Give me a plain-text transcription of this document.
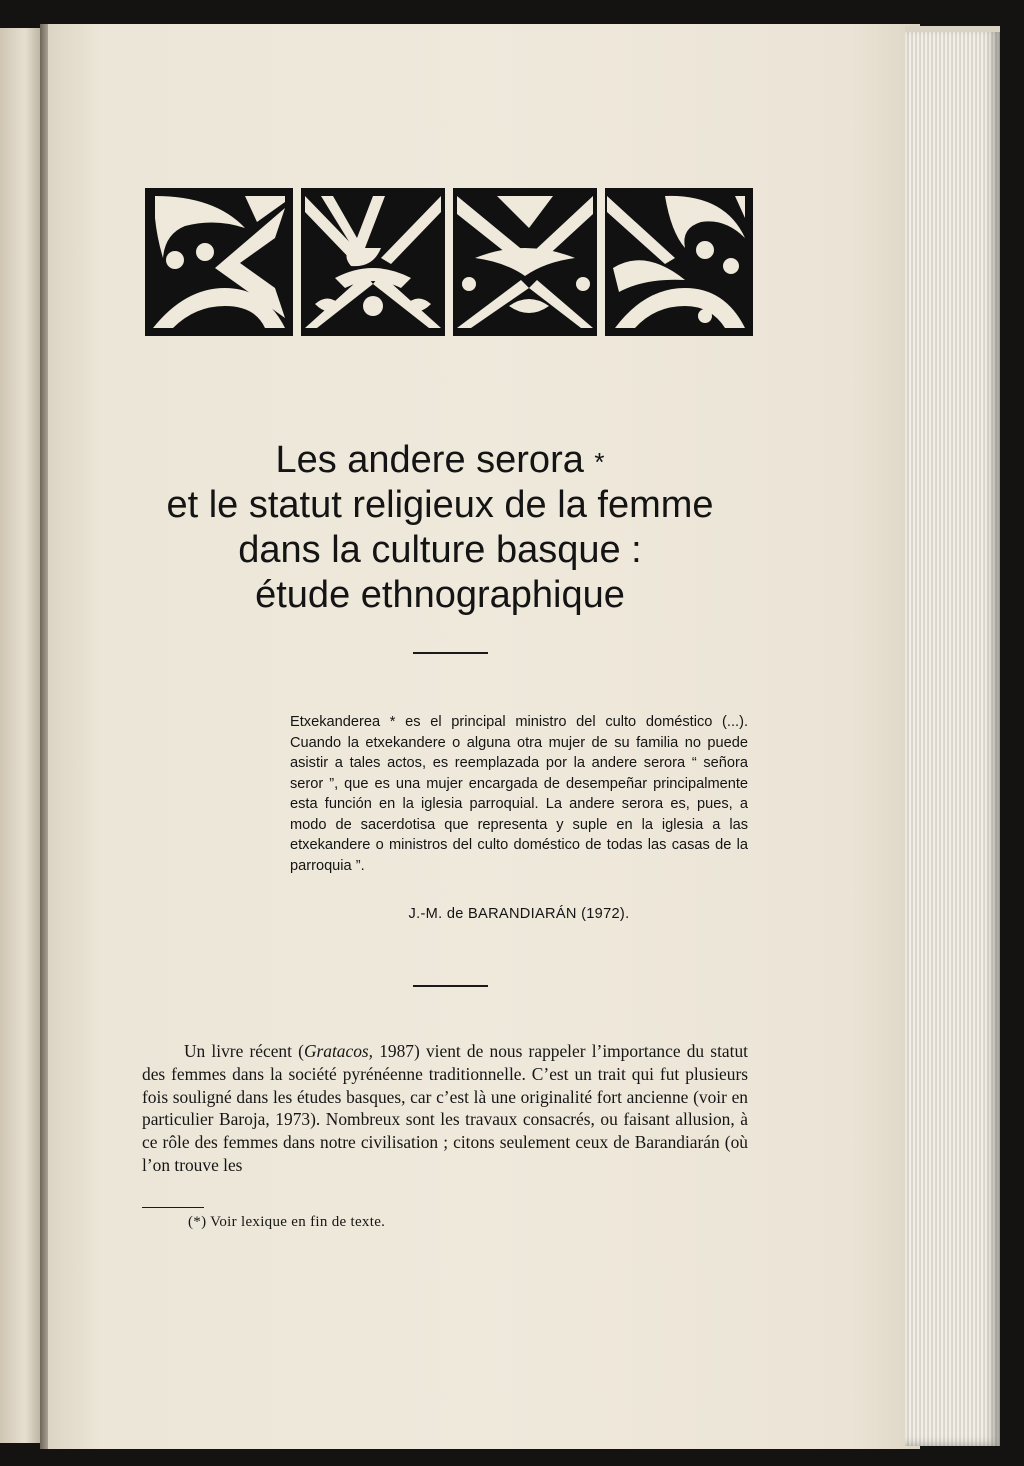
Les andere serora *
et le statut religieux de la femme
dans la culture basque :
étude ethnographique
Etxekanderea * es el principal ministro del culto doméstico (...). Cuando la etxekandere o alguna otra mujer de su familia no puede asistir a tales actos, es reemplazada por la andere serora “ señora seror ”, que es una mujer encargada de desempeñar principalmente esta función en la iglesia parroquial. La andere serora es, pues, a modo de sacerdotisa que representa y suple en la iglesia a las etxekandere o ministros del culto doméstico de todas las casas de la parroquia ”.
J.-M. de BARANDIARÁN (1972).

Un livre récent (Gratacos, 1987) vient de nous rappeler l’importance du statut des femmes dans la société pyrénéenne traditionnelle. C’est un trait qui fut plusieurs fois souligné dans les études basques, car c’est là une originalité fort ancienne (voir en particulier Baroja, 1973). Nombreux sont les travaux consacrés, ou faisant allusion, à ce rôle des femmes dans notre civilisation ; citons seulement ceux de Barandiarán (où l’on trouve les

(*) Voir lexique en fin de texte.
